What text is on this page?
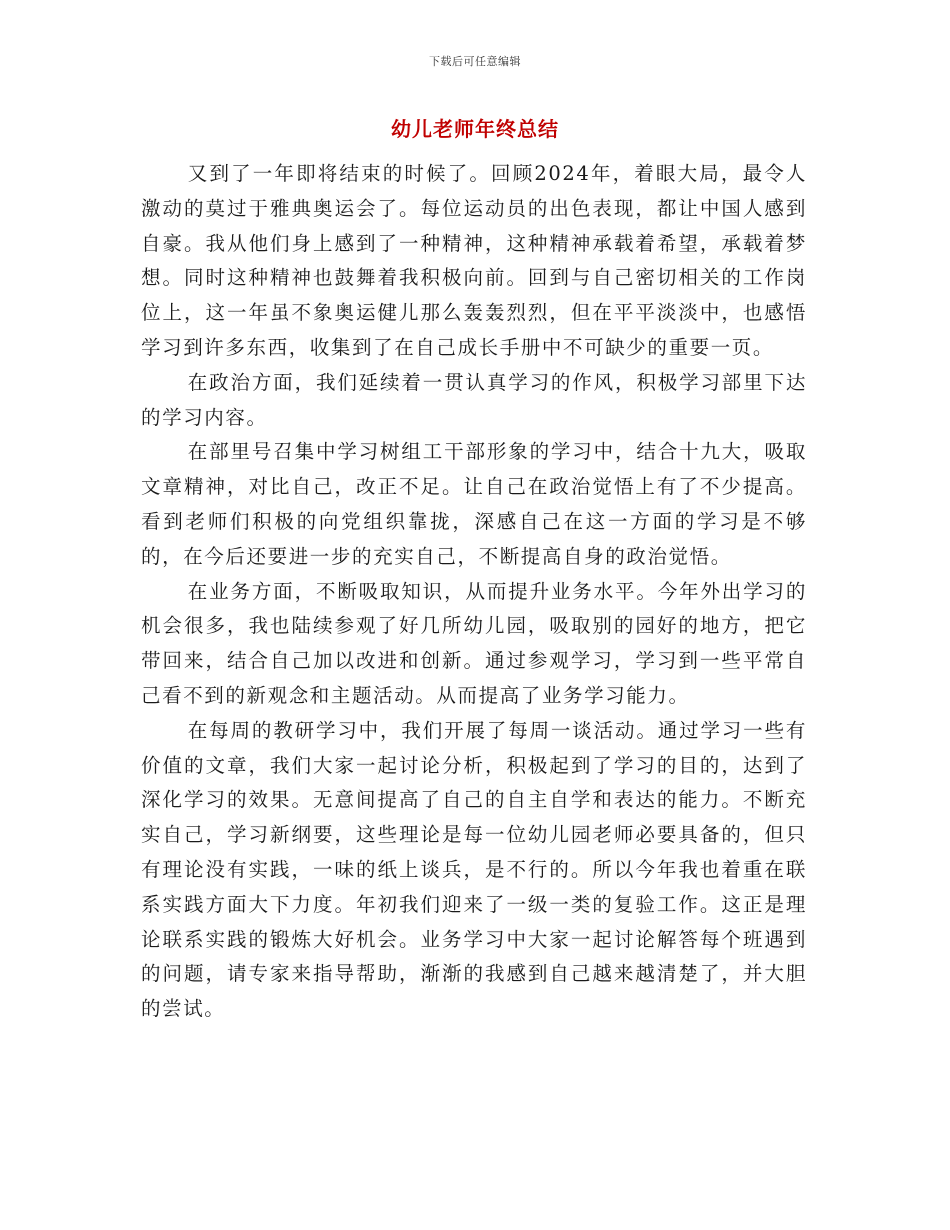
下载后可任意编辑
幼儿老师年终总结

又到了一年即将结束的时候了。回顾2024年，着眼大局，最令人激动的莫过于雅典奥运会了。每位运动员的出色表现，都让中国人感到自豪。我从他们身上感到了一种精神，这种精神承载着希望，承载着梦想。同时这种精神也鼓舞着我积极向前。回到与自己密切相关的工作岗位上，这一年虽不象奥运健儿那么轰轰烈烈，但在平平淡淡中，也感悟学习到许多东西，收集到了在自己成长手册中不可缺少的重要一页。

在政治方面，我们延续着一贯认真学习的作风，积极学习部里下达的学习内容。

在部里号召集中学习树组工干部形象的学习中，结合十九大，吸取文章精神，对比自己，改正不足。让自己在政治觉悟上有了不少提高。看到老师们积极的向党组织靠拢，深感自己在这一方面的学习是不够的，在今后还要进一步的充实自己，不断提高自身的政治觉悟。

在业务方面，不断吸取知识，从而提升业务水平。今年外出学习的机会很多，我也陆续参观了好几所幼儿园，吸取别的园好的地方，把它带回来，结合自己加以改进和创新。通过参观学习，学习到一些平常自己看不到的新观念和主题活动。从而提高了业务学习能力。

在每周的教研学习中，我们开展了每周一谈活动。通过学习一些有价值的文章，我们大家一起讨论分析，积极起到了学习的目的，达到了深化学习的效果。无意间提高了自己的自主自学和表达的能力。不断充实自己，学习新纲要，这些理论是每一位幼儿园老师必要具备的，但只有理论没有实践，一味的纸上谈兵，是不行的。所以今年我也着重在联系实践方面大下力度。年初我们迎来了一级一类的复验工作。这正是理论联系实践的锻炼大好机会。业务学习中大家一起讨论解答每个班遇到的问题，请专家来指导帮助，渐渐的我感到自己越来越清楚了，并大胆的尝试。
